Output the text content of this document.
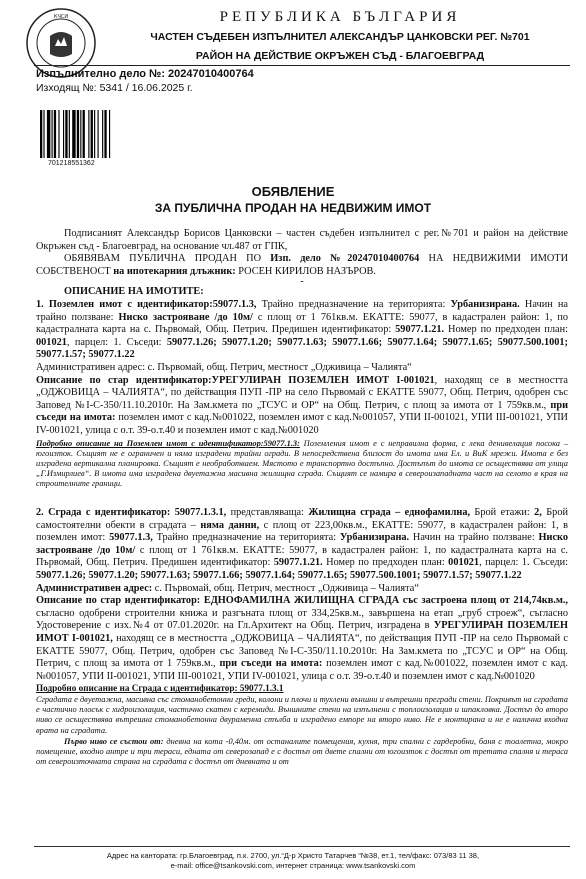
КЧСИ	РЕПУБЛИКА БЪЛГАРИЯ
ЧАСТЕН СЪДЕБЕН ИЗПЪЛНИТЕЛ АЛЕКСАНДЪР ЦАНКОВСКИ РЕГ. №701
РАЙОН НА ДЕЙСТВИЕ ОКРЪЖЕН СЪД - БЛАГОЕВГРАД
Изпълнително дело №: 20247010400764
Изходящ №: 5341 / 16.06.2025 г.
701218551362
ОБЯВЛЕНИЕ
ЗА ПУБЛИЧНА ПРОДАН НА НЕДВИЖИМ ИМОТ

Подписаният Александър Борисов Цанковски – частен съдебен изпълнител с рег.№701 и район на действие Окръжен съд - Благоевград, на основание чл.487 от ГПК,

ОБЯВЯВАМ ПУБЛИЧНА ПРОДАН ПО Изп. дело №20247010400764 НА НЕДВИЖИМИ ИМОТИ СОБСТВЕНОСТ на ипотекарния длъжник: РОСЕН КИРИЛОВ НАЗЪРОВ.

-

ОПИСАНИЕ НА ИМОТИТЕ:

1. Поземлен имот с идентификатор:59077.1.3, Трайно предназначение на територията: Урбанизирана. Начин на трайно ползване: Ниско застрояване /до 10м/ с площ от 1 761кв.м. ЕКАТТЕ: 59077, в кадастрален район: 1, по кадастралната карта на с. Първомай, Общ. Петрич. Предишен идентификатор: 59077.1.21. Номер по предходен план: 001021, парцел: 1. Съседи: 59077.1.26; 59077.1.20; 59077.1.63; 59077.1.66; 59077.1.64; 59077.1.65; 59077.500.1001; 59077.1.57; 59077.1.22

Административен адрес: с. Първомай, общ. Петрич, местност „Одживица – Чалията“

Описание по стар идентификатор:УРЕГУЛИРАН ПОЗЕМЛЕН ИМОТ I-001021, находящ се в местността „ОДЖОВИЦА – ЧАЛИЯТА“, по действащия ПУП -ПР на село Първомай с ЕКАТТЕ 59077, Общ. Петрич, одобрен със Заповед №I-С-350/11.10.2010г. На Зам.кмета по „ТСУС и ОР“ на Общ. Петрич, с площ за имота от 1 759кв.м., при съседи на имота: поземлен имот с кад.№001022, поземлен имот с кад.№001057, УПИ II-001021, УПИ III-001021, УПИ IV-001021, улица с о.т. 39-о.т.40 и поземлен имот с кад.№001020

Подробно описание на Поземлен имот с идентификатор:59077.1.3: Поземления имот е с неправилна форма, с лека денивелация посока – югоизток. Същият не е ограничен и няма изградени трайни огради. В непосредствена близост до имота има Ел. и ВиК мрежи. Имота е без изградена вертикална планировка. Същият е необработваем. Мястото е транспортно достъпно. Достъпът до имота се осъществява от улица „Г.Измирлиев“. В имота има изградена двуетажна масивна жилищна сграда. Същият се намира в североизападната част на селото в края на строителните граници.

2. Сграда с идентификатор: 59077.1.3.1, представляваща: Жилищна сграда – еднофамилна, Брой етажи: 2, Брой самостоятелни обекти в сградата – няма данни, с площ от 223,00кв.м., ЕКАТТЕ: 59077, в кадастрален район: 1, в поземлен имот: 59077.1.3, Трайно предназначение на територията: Урбанизирана. Начин на трайно ползване: Ниско застрояване /до 10м/ с площ от 1 761кв.м. ЕКАТТЕ: 59077, в кадастрален район: 1, по кадастралната карта на с. Първомай, Общ. Петрич. Предишен идентификатор: 59077.1.21. Номер по предходен план: 001021, парцел: 1. Съседи: 59077.1.26; 59077.1.20; 59077.1.63; 59077.1.66; 59077.1.64; 59077.1.65; 59077.500.1001; 59077.1.57; 59077.1.22

Административен адрес: с. Първомай, общ. Петрич, местност „Одживица – Чалията“

Описание по стар идентификатор: ЕДНОФАМИЛНА ЖИЛИЩНА СГРАДА със застроена площ от 214,74кв.м., съгласно одобрени строителни книжа и разгъната площ от 334,25кв.м., завършена на етап „груб строеж“, съгласно Удостоверение с изх.№4 от 07.01.2020г. на Гл.Архитект на Общ. Петрич, изградена в УРЕГУЛИРАН ПОЗЕМЛЕН ИМОТ I-001021, находящ се в местността „ОДЖОВИЦА – ЧАЛИЯТА“, по действащия ПУП -ПР на село Първомай с ЕКАТТЕ 59077, Общ. Петрич, одобрен със Заповед №I-С-350/11.10.2010г. На Зам.кмета по „ТСУС и ОР“ на Общ. Петрич, с площ за имота от 1 759кв.м., при съседи на имота: поземлен имот с кад.№001022, поземлен имот с кад.№001057, УПИ II-001021, УПИ III-001021, УПИ IV-001021, улица с о.т. 39-о.т.40 и поземлен имот с кад.№001020

Подробно описание на Сграда с идентификатор: 59077.1.3.1

Сградата е двуетажна, масивна със стоманобетонни греди, колони и плочи и тухлени външни и вътрешни прегради стени. Покривът на сградата е частично плосък с хидроизолация, частично скатен с керемиди. Външните стени на изпълнени с топлоизолация и шпакловка. Достъп до второ ниво се осъществява вътрешна стоманобетонна двураменна стълба и изградено емпоре на второ ниво. Не е монтирана и не е налична входна врата на сградата.

Първо ниво се състои от: дневна на кота -0,40м. от останалите помещения, кухня, три спални с гардеробни, баня с тоалетна, мокро помещение, входно антре и три тераси, едната от северозапад е с достъп от двете спални от югоизток с достъп от третата спалня и тераса от североизточната страна на сградата с достъп от дневната и от

Адрес на кантората: гр.Благоевград, п.к. 2700, ул.“Д-р Христо Татарчев “№38, ет.1, тел/факс: 073/83 11 38,
e-mail: office@tsankovski.com, интернет страница: www.tsankovski.com
